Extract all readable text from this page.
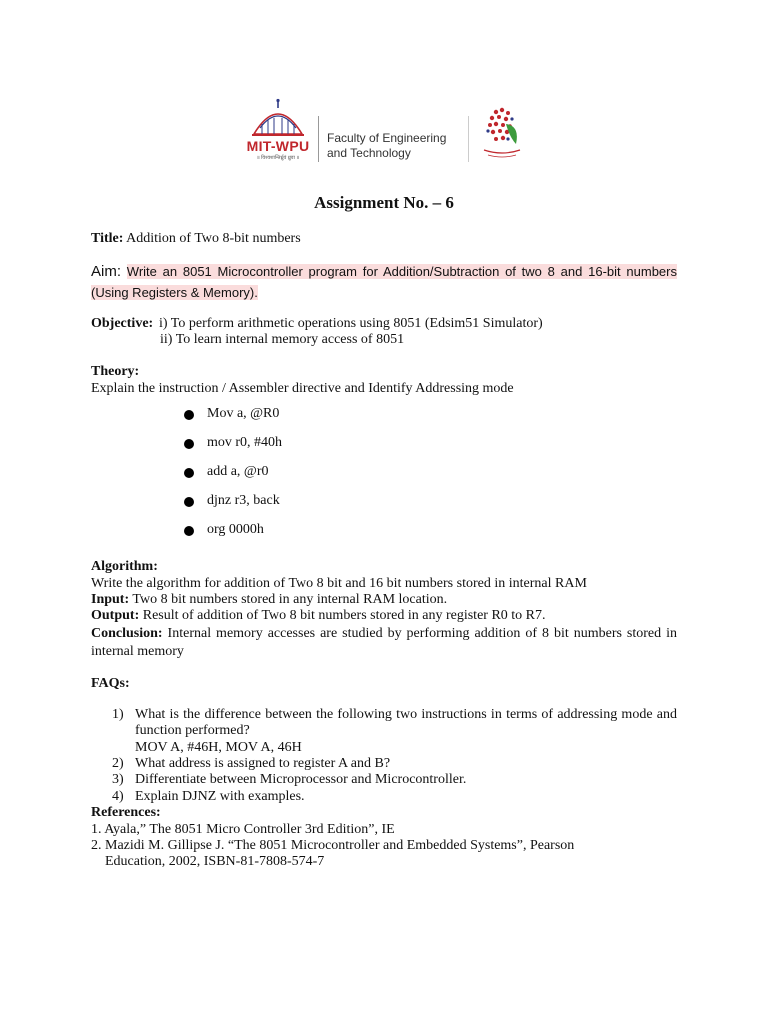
MIT-WPU
॥ विश्वशान्तिर्ध्रुवं ध्रुवा ॥
Faculty of Engineering
and Technology
Assignment No. – 6
Title: Addition of Two 8-bit numbers
Aim: Write an 8051 Microcontroller program for Addition/Subtraction of two 8 and 16-bit numbers (Using Registers & Memory).
Objective: i) To perform arithmetic operations using 8051 (Edsim51 Simulator)
ii) To learn internal memory access of 8051
Theory:
Explain the instruction / Assembler directive and Identify Addressing mode
Mov a, @R0
mov r0, #40h
add a, @r0
djnz r3, back
org 0000h
Algorithm:
Write the algorithm for addition of Two 8 bit and 16 bit numbers stored in internal RAM
Input: Two 8 bit numbers stored in any internal RAM location.
Output: Result of addition of Two 8 bit numbers stored in any register R0 to R7.
Conclusion: Internal memory accesses are studied by performing addition of 8 bit numbers stored in internal memory
FAQs:
1) What is the difference between the following two instructions in terms of addressing mode and function performed?
MOV A, #46H, MOV A, 46H
2) What address is assigned to register A and B?
3) Differentiate between Microprocessor and Microcontroller.
4) Explain DJNZ with examples.
References:
1. Ayala,” The 8051 Micro Controller 3rd Edition”, IE
2. Mazidi M. Gillipse J. “The 8051 Microcontroller and Embedded Systems”, Pearson
Education, 2002, ISBN-81-7808-574-7
